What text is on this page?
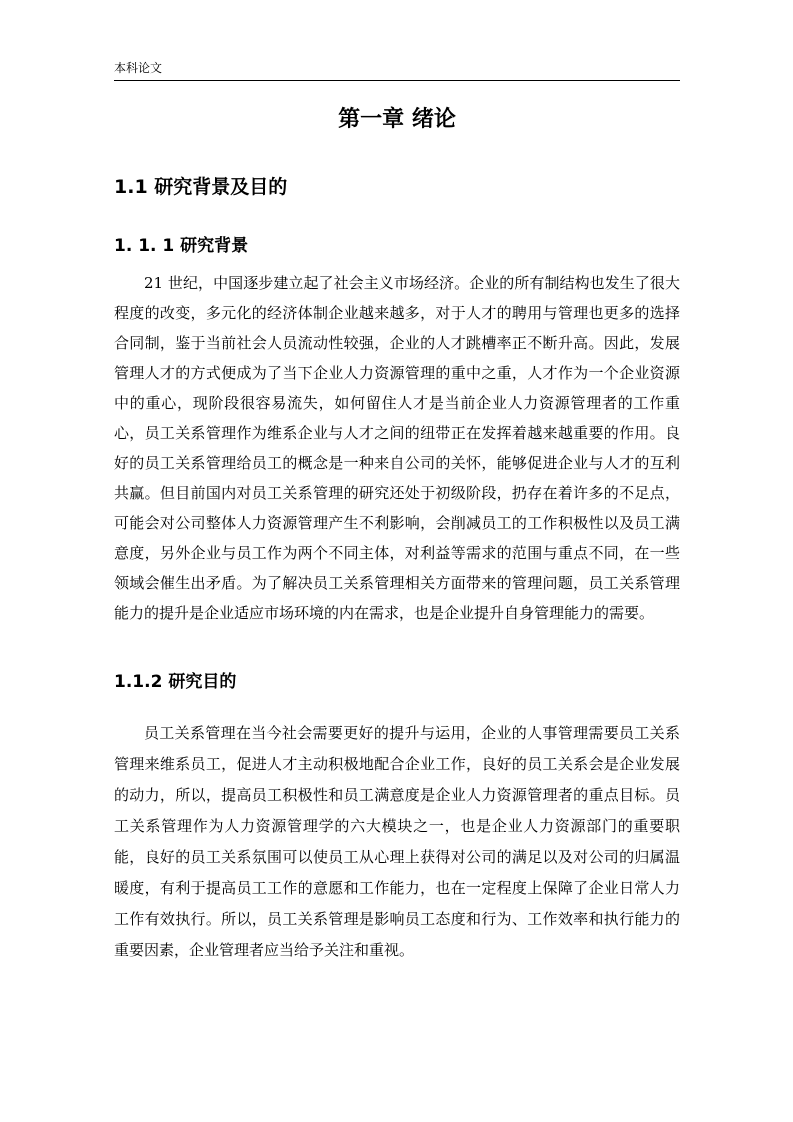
本科论文
第一章 绪论
1.1 研究背景及目的
1. 1. 1 研究背景

21 世纪，中国逐步建立起了社会主义市场经济。企业的所有制结构也发生了很大程度的改变，多元化的经济体制企业越来越多，对于人才的聘用与管理也更多的选择合同制，鉴于当前社会人员流动性较强，企业的人才跳槽率正不断升高。因此，发展管理人才的方式便成为了当下企业人力资源管理的重中之重，人才作为一个企业资源中的重心，现阶段很容易流失，如何留住人才是当前企业人力资源管理者的工作重心，员工关系管理作为维系企业与人才之间的纽带正在发挥着越来越重要的作用。良好的员工关系管理给员工的概念是一种来自公司的关怀，能够促进企业与人才的互利共赢。但目前国内对员工关系管理的研究还处于初级阶段，扔存在着许多的不足点，可能会对公司整体人力资源管理产生不利影响，会削减员工的工作积极性以及员工满意度，另外企业与员工作为两个不同主体，对利益等需求的范围与重点不同，在一些领域会催生出矛盾。为了解决员工关系管理相关方面带来的管理问题，员工关系管理能力的提升是企业适应市场环境的内在需求，也是企业提升自身管理能力的需要。

1.1.2 研究目的

员工关系管理在当今社会需要更好的提升与运用，企业的人事管理需要员工关系管理来维系员工，促进人才主动积极地配合企业工作，良好的员工关系会是企业发展的动力，所以，提高员工积极性和员工满意度是企业人力资源管理者的重点目标。员工关系管理作为人力资源管理学的六大模块之一，也是企业人力资源部门的重要职能，良好的员工关系氛围可以使员工从心理上获得对公司的满足以及对公司的归属温暖度，有利于提高员工工作的意愿和工作能力，也在一定程度上保障了企业日常人力工作有效执行。所以，员工关系管理是影响员工态度和行为、工作效率和执行能力的重要因素，企业管理者应当给予关注和重视。
